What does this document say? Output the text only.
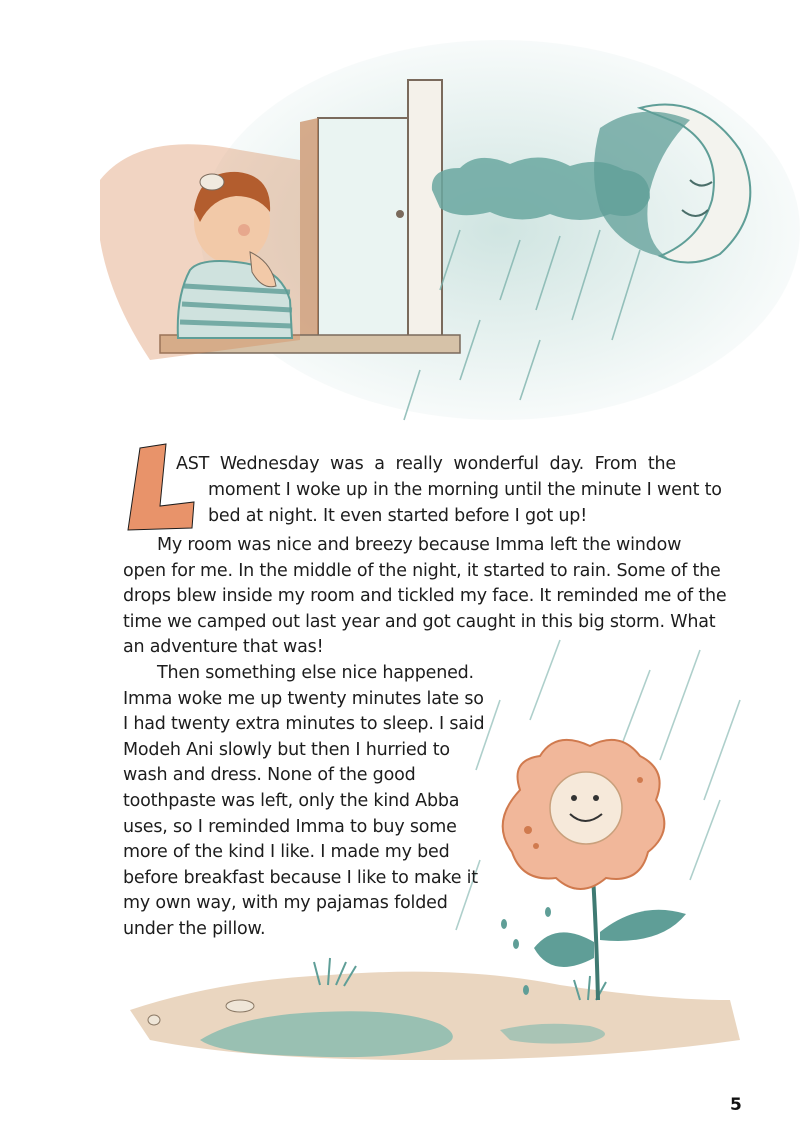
AST Wednesday was a really wonderful day. From the
moment I woke up in the morning until the minute I went to
bed at night. It even started before I got up!
My room was nice and breezy because Imma left the window
open for me. In the middle of the night, it started to rain. Some of the
drops blew inside my room and tickled my face. It reminded me of the
time we camped out last year and got caught in this big storm. What
an adventure that was!
Then something else nice happened.
Imma woke me up twenty minutes late so
I had twenty extra minutes to sleep. I said
Modeh Ani slowly but then I hurried to
wash and dress. None of the good
toothpaste was left, only the kind Abba
uses, so I reminded Imma to buy some
more of the kind I like. I made my bed
before breakfast because I like to make it
my own way, with my pajamas folded
under the pillow.
5
